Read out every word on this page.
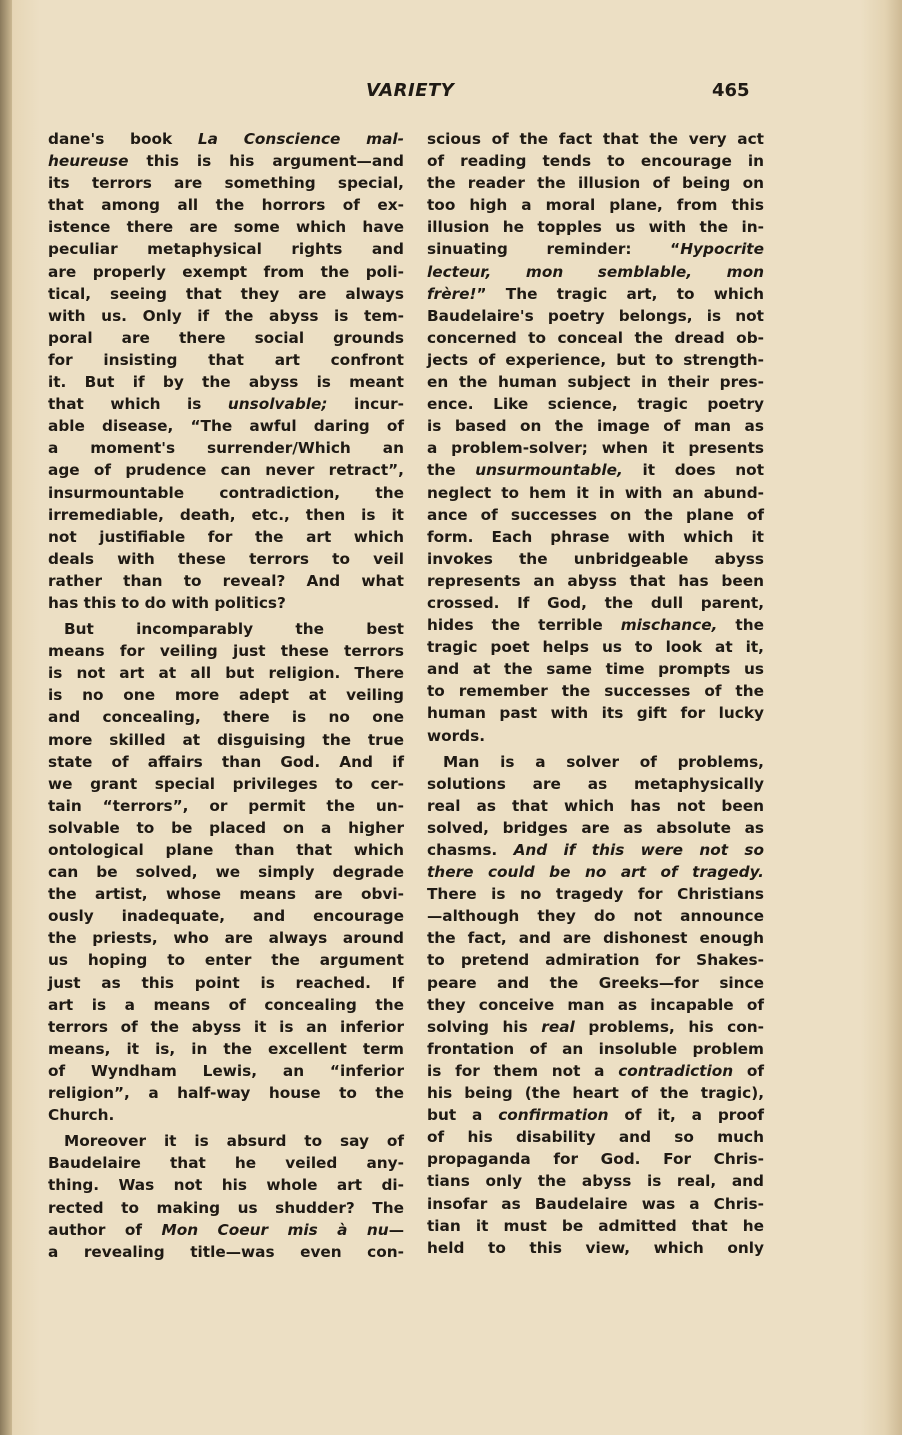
VARIETY	465
dane's book La Conscience mal-
heureuse this is his argument—and
its terrors are something special,
that among all the horrors of ex-
istence there are some which have
peculiar metaphysical rights and
are properly exempt from the poli-
tical, seeing that they are always
with us. Only if the abyss is tem-
poral are there social grounds
for insisting that art confront
it. But if by the abyss is meant
that which is unsolvable; incur-
able disease, “The awful daring of
a moment's surrender/Which an
age of prudence can never retract”,
insurmountable contradiction, the
irremediable, death, etc., then is it
not justifiable for the art which
deals with these terrors to veil
rather than to reveal? And what
has this to do with politics?
But incomparably the best
means for veiling just these terrors
is not art at all but religion. There
is no one more adept at veiling
and concealing, there is no one
more skilled at disguising the true
state of affairs than God. And if
we grant special privileges to cer-
tain “terrors”, or permit the un-
solvable to be placed on a higher
ontological plane than that which
can be solved, we simply degrade
the artist, whose means are obvi-
ously inadequate, and encourage
the priests, who are always around
us hoping to enter the argument
just as this point is reached. If
art is a means of concealing the
terrors of the abyss it is an inferior
means, it is, in the excellent term
of Wyndham Lewis, an “inferior
religion”, a half-way house to the
Church.
Moreover it is absurd to say of
Baudelaire that he veiled any-
thing. Was not his whole art di-
rected to making us shudder? The
author of Mon Coeur mis à nu—
a revealing title—was even con-
scious of the fact that the very act
of reading tends to encourage in
the reader the illusion of being on
too high a moral plane, from this
illusion he topples us with the in-
sinuating reminder: “Hypocrite
lecteur, mon semblable, mon
frère!” The tragic art, to which
Baudelaire's poetry belongs, is not
concerned to conceal the dread ob-
jects of experience, but to strength-
en the human subject in their pres-
ence. Like science, tragic poetry
is based on the image of man as
a problem-solver; when it presents
the unsurmountable, it does not
neglect to hem it in with an abund-
ance of successes on the plane of
form. Each phrase with which it
invokes the unbridgeable abyss
represents an abyss that has been
crossed. If God, the dull parent,
hides the terrible mischance, the
tragic poet helps us to look at it,
and at the same time prompts us
to remember the successes of the
human past with its gift for lucky
words.
Man is a solver of problems,
solutions are as metaphysically
real as that which has not been
solved, bridges are as absolute as
chasms. And if this were not so
there could be no art of tragedy.
There is no tragedy for Christians
—although they do not announce
the fact, and are dishonest enough
to pretend admiration for Shakes-
peare and the Greeks—for since
they conceive man as incapable of
solving his real problems, his con-
frontation of an insoluble problem
is for them not a contradiction of
his being (the heart of the tragic),
but a confirmation of it, a proof
of his disability and so much
propaganda for God. For Chris-
tians only the abyss is real, and
insofar as Baudelaire was a Chris-
tian it must be admitted that he
held to this view, which only
